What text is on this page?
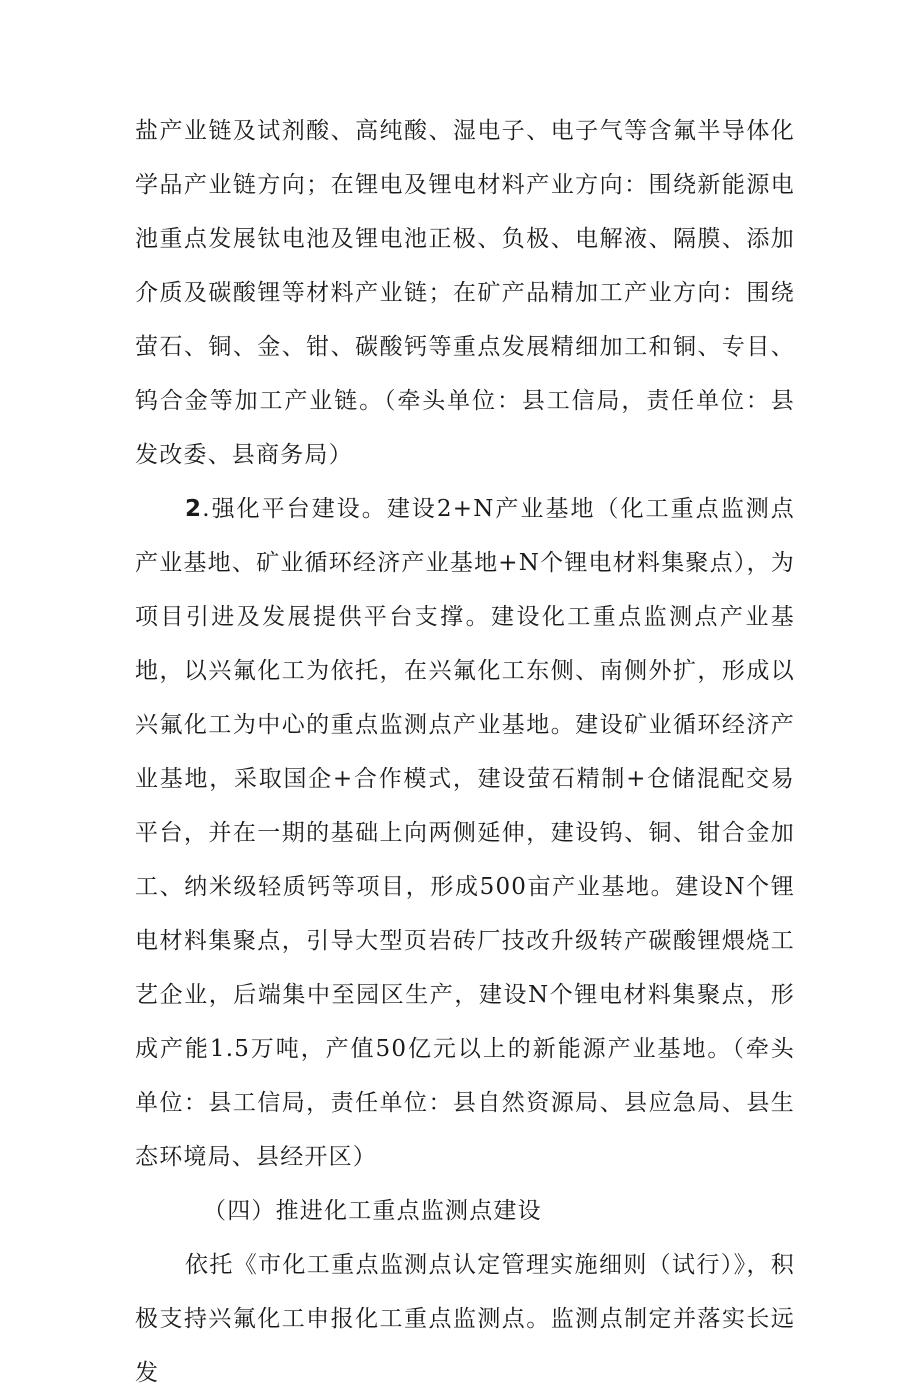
盐产业链及试剂酸、高纯酸、湿电子、电子气等含氟半导体化学品产业链方向；在锂电及锂电材料产业方向：围绕新能源电池重点发展钛电池及锂电池正极、负极、电解液、隔膜、添加介质及碳酸锂等材料产业链；在矿产品精加工产业方向：围绕萤石、铜、金、钳、碳酸钙等重点发展精细加工和铜、专目、钨合金等加工产业链。（牵头单位：县工信局，责任单位：县发改委、县商务局）

2.强化平台建设。建设2+N产业基地（化工重点监测点产业基地、矿业循环经济产业基地+N个锂电材料集聚点），为项目引进及发展提供平台支撑。建设化工重点监测点产业基地，以兴氟化工为依托，在兴氟化工东侧、南侧外扩，形成以兴氟化工为中心的重点监测点产业基地。建设矿业循环经济产业基地，采取国企+合作模式，建设萤石精制+仓储混配交易平台，并在一期的基础上向两侧延伸，建设钨、铜、钳合金加工、纳米级轻质钙等项目，形成500亩产业基地。建设N个锂电材料集聚点，引导大型页岩砖厂技改升级转产碳酸锂煨烧工艺企业，后端集中至园区生产，建设N个锂电材料集聚点，形成产能1.5万吨，产值50亿元以上的新能源产业基地。（牵头单位：县工信局，责任单位：县自然资源局、县应急局、县生态环境局、县经开区）

（四）推进化工重点监测点建设

依托《市化工重点监测点认定管理实施细则（试行）》，积极支持兴氟化工申报化工重点监测点。监测点制定并落实长远发
